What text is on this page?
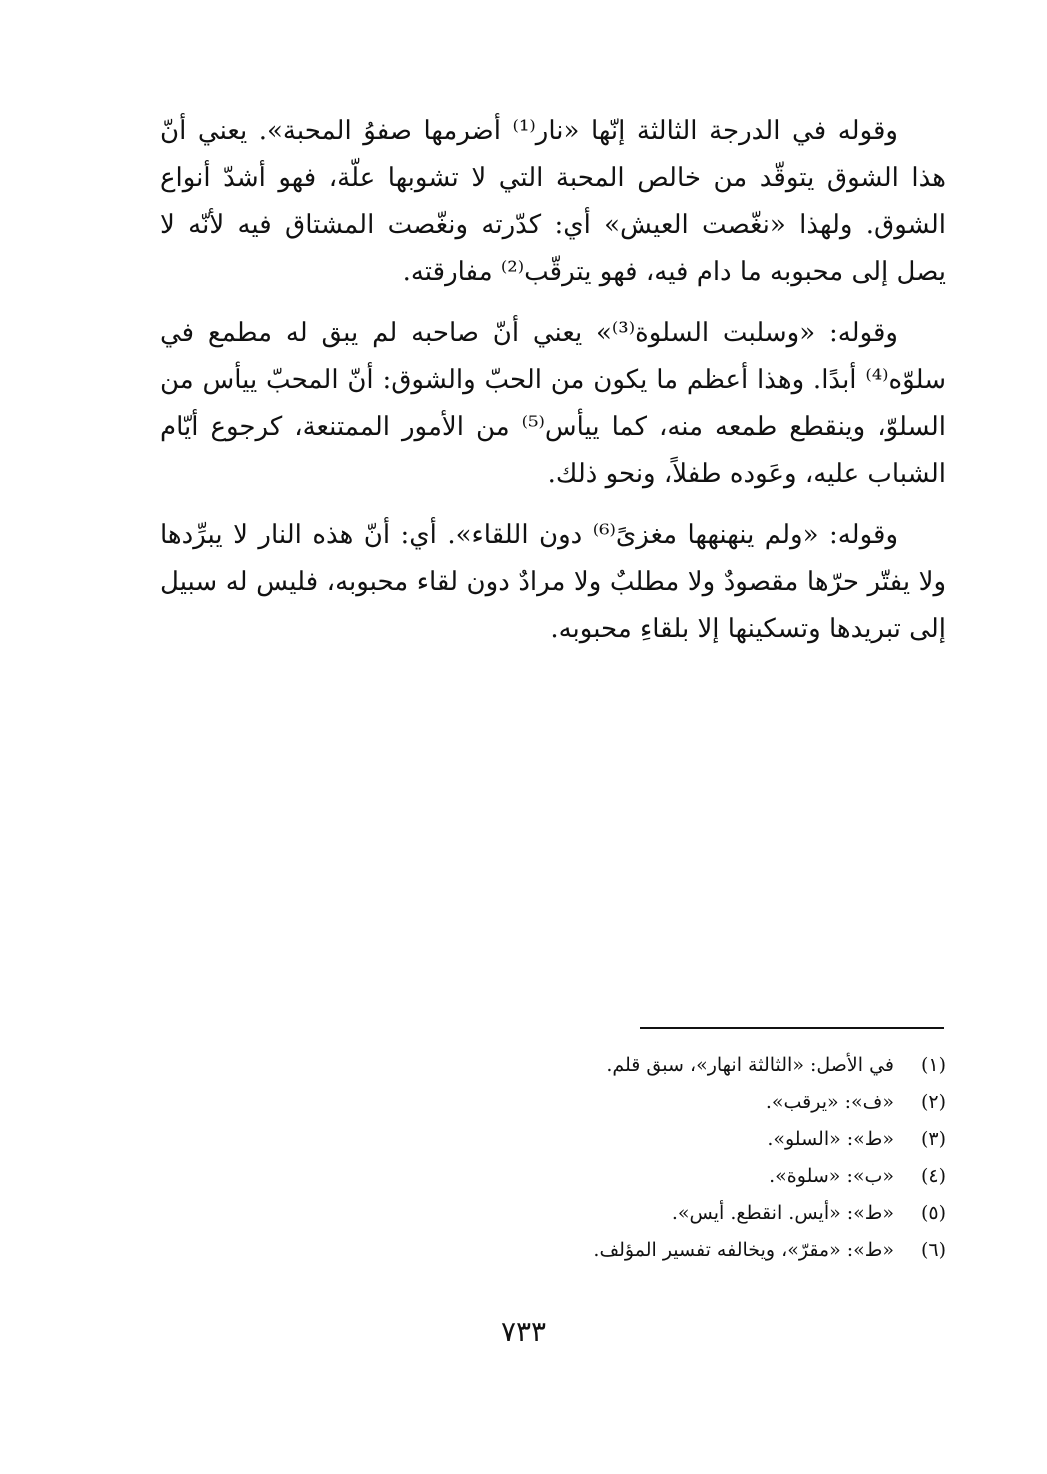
وقوله في الدرجة الثالثة إنّها «نار⁽¹⁾ أضرمها صفوُ المحبة». يعني أنّ هذا الشوق يتوقّد من خالص المحبة التي لا تشوبها علّة، فهو أشدّ أنواع الشوق. ولهذا «نغّصت العيش» أي: كدّرته ونغّصت المشتاق فيه لأنّه لا يصل إلى محبوبه ما دام فيه، فهو يترقّب⁽²⁾ مفارقته.

وقوله: «وسلبت السلوة⁽³⁾» يعني أنّ صاحبه لم يبق له مطمع في سلوّه⁽⁴⁾ أبدًا. وهذا أعظم ما يكون من الحبّ والشوق: أنّ المحبّ ييأس من السلوّ، وينقطع طمعه منه، كما ييأس⁽⁵⁾ من الأمور الممتنعة، كرجوع أيّام الشباب عليه، وعَوده طفلاً، ونحو ذلك.

وقوله: «ولم ينهنهها مغزىً⁽⁶⁾ دون اللقاء». أي: أنّ هذه النار لا يبرِّدها ولا يفتّر حرّها مقصودٌ ولا مطلبٌ ولا مرادٌ دون لقاء محبوبه، فليس له سبيل إلى تبريدها وتسكينها إلا بلقاءِ محبوبه.

(١)
في الأصل: «الثالثة انهار»، سبق قلم.
(٢)
«ف»: «يرقب».
(٣)
«ط»: «السلو».
(٤)
«ب»: «سلوة».
(٥)
«ط»: «أيس. انقطع. أيس».
(٦)
«ط»: «مقرّ»، ويخالفه تفسير المؤلف.
٧٣٣
